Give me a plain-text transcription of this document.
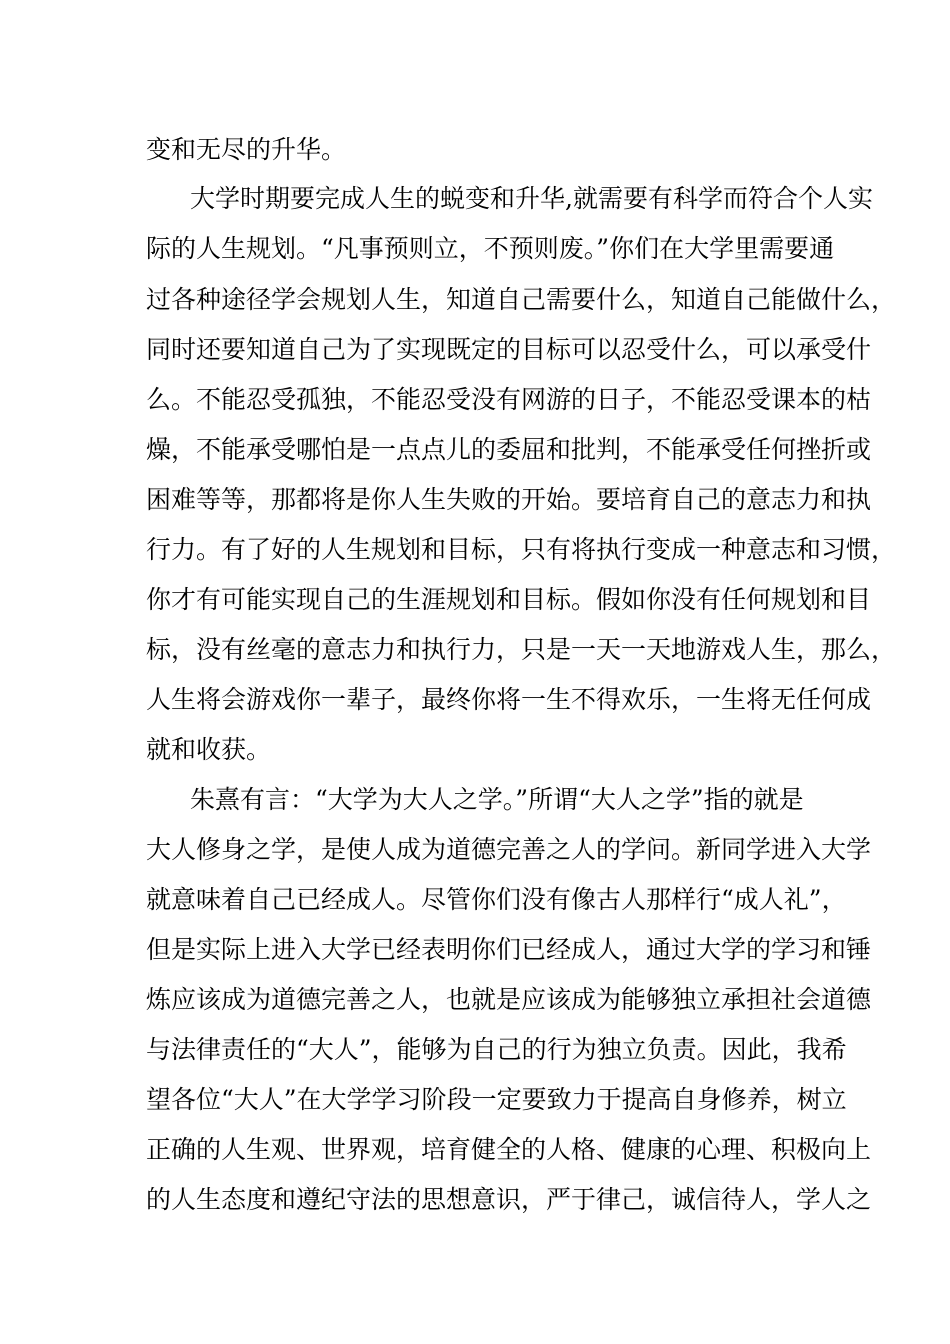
变和无尽的升华。

大学时期要完成人生的蜕变和升华,就需要有科学而符合个人实

际的人生规划。“凡事预则立，不预则废。”你们在大学里需要通

过各种途径学会规划人生，知道自己需要什么，知道自己能做什么，

同时还要知道自己为了实现既定的目标可以忍受什么，可以承受什

么。不能忍受孤独，不能忍受没有网游的日子，不能忍受课本的枯

燥，不能承受哪怕是一点点儿的委屈和批判，不能承受任何挫折或

困难等等，那都将是你人生失败的开始。要培育自己的意志力和执

行力。有了好的人生规划和目标，只有将执行变成一种意志和习惯，

你才有可能实现自己的生涯规划和目标。假如你没有任何规划和目

标，没有丝毫的意志力和执行力，只是一天一天地游戏人生，那么，

人生将会游戏你一辈子，最终你将一生不得欢乐，一生将无任何成

就和收获。

朱熹有言：“大学为大人之学。”所谓“大人之学”指的就是

大人修身之学，是使人成为道德完善之人的学问。新同学进入大学

就意味着自己已经成人。尽管你们没有像古人那样行“成人礼”，

但是实际上进入大学已经表明你们已经成人，通过大学的学习和锤

炼应该成为道德完善之人，也就是应该成为能够独立承担社会道德

与法律责任的“大人”，能够为自己的行为独立负责。因此，我希

望各位“大人”在大学学习阶段一定要致力于提高自身修养，树立

正确的人生观、世界观，培育健全的人格、健康的心理、积极向上

的人生态度和遵纪守法的思想意识，严于律己，诚信待人，学人之
